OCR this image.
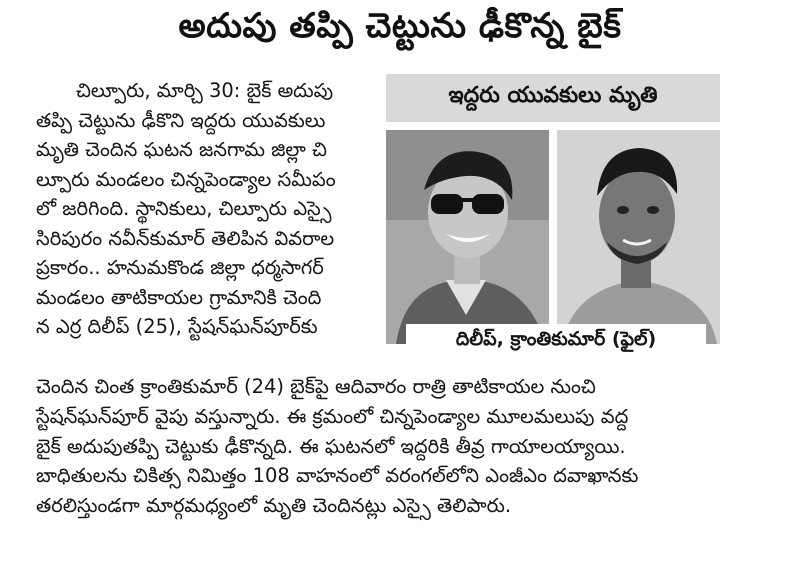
అదుపు తప్పి చెట్టును ఢీకొన్న బైక్
చిల్పూరు, మార్చి 30: బైక్ అదుపు
తప్పి చెట్టును ఢీకొని ఇద్దరు యువకులు
మృతి చెందిన ఘటన జనగామ జిల్లా చి
ల్పూరు మండలం చిన్నపెండ్యాల సమీపం
లో జరిగింది. స్థానికులు, చిల్పూరు ఎస్సై
సిరిపురం నవీన్‌కుమార్ తెలిపిన వివరాల
ప్రకారం.. హనుమకొండ జిల్లా ధర్మసాగర్
మండలం తాటికాయల గ్రామానికి చెంది
న ఎర్ర దిలీప్ (25), స్టేషన్‌ఘన్‌పూర్‌కు
ఇద్దరు యువకులు మృతి
దిలీప్, క్రాంతికుమార్ (ఫైల్)
చెందిన చింత క్రాంతికుమార్ (24) బైక్‌పై ఆదివారం రాత్రి తాటికాయల నుంచి
స్టేషన్‌ఘన్‌పూర్ వైపు వస్తున్నారు. ఈ క్రమంలో చిన్నపెండ్యాల మూలమలుపు వద్ద
బైక్ అదుపుతప్పి చెట్టుకు ఢీకొన్నది. ఈ ఘటనలో ఇద్దరికి తీవ్ర గాయాలయ్యాయి.
బాధితులను చికిత్స నిమిత్తం 108 వాహనంలో వరంగల్‌లోని ఎంజీఎం దవాఖానకు
తరలిస్తుండగా మార్గమధ్యంలో మృతి చెందినట్లు ఎస్సై తెలిపారు.
